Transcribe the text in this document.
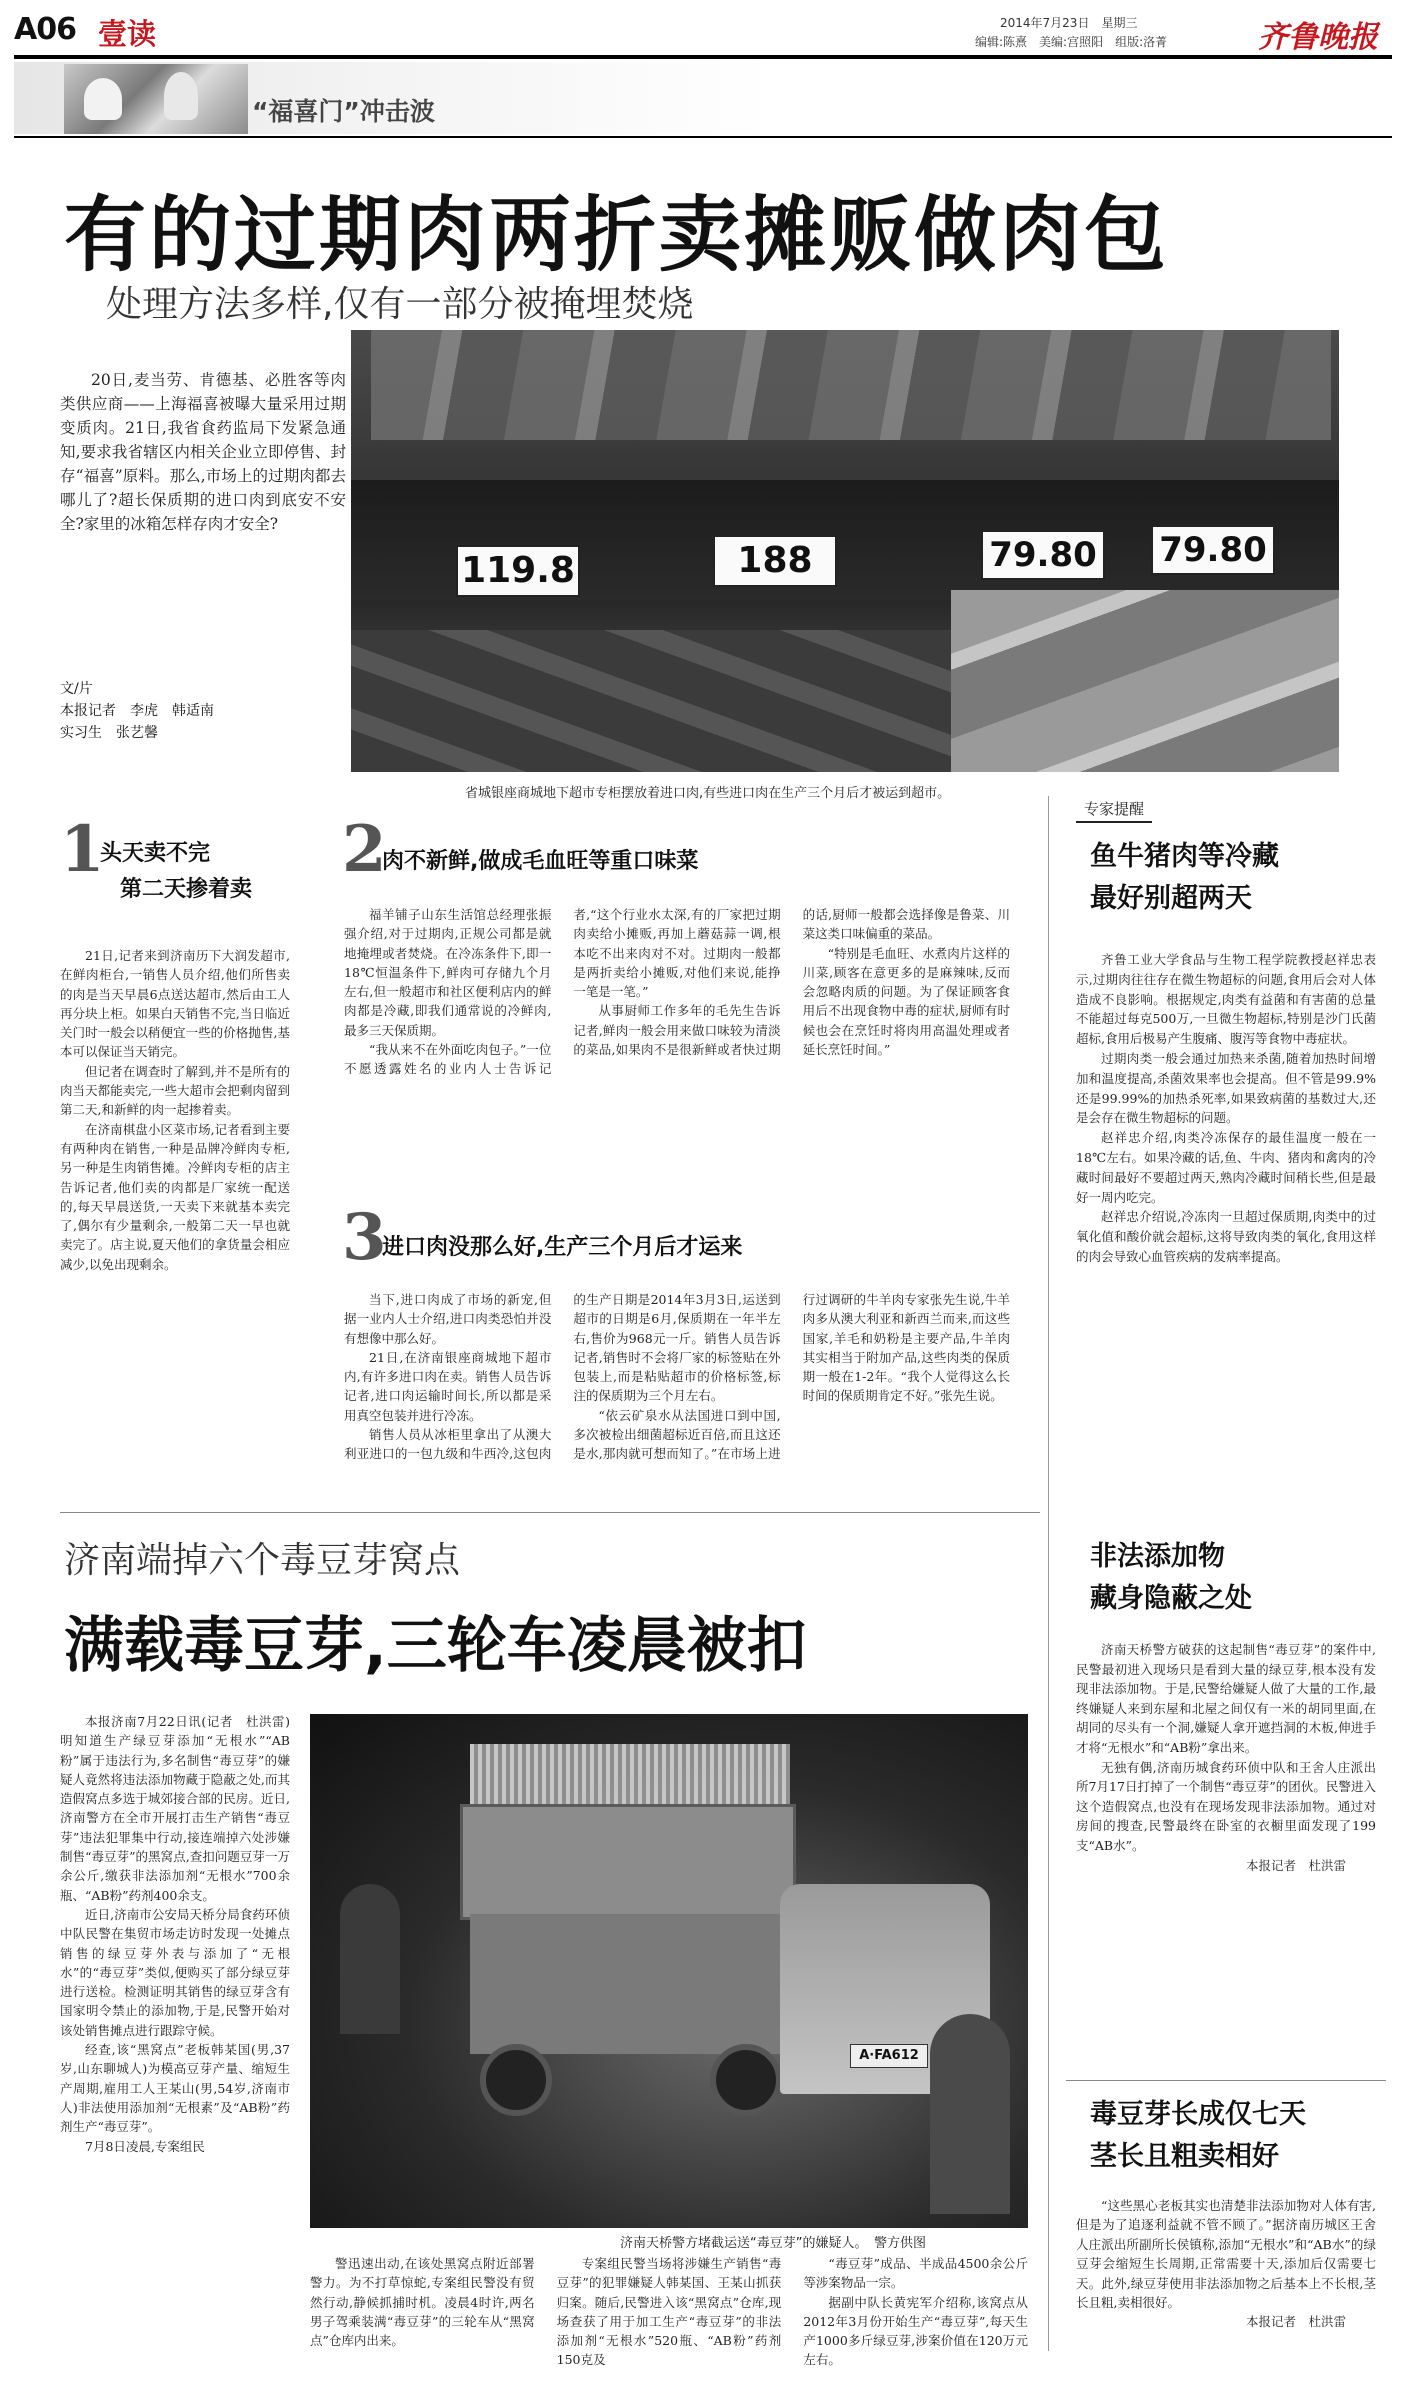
A06 壹读	2014年7月23日　星期三
编辑:陈熹　美编:宫照阳　组版:洛菁	齐鲁晚报
“福喜门”冲击波
有的过期肉两折卖摊贩做肉包
处理方法多样,仅有一部分被掩埋焚烧

20日,麦当劳、肯德基、必胜客等肉类供应商——上海福喜被曝大量采用过期变质肉。21日,我省食药监局下发紧急通知,要求我省辖区内相关企业立即停售、封存“福喜”原料。那么,市场上的过期肉都去哪儿了?超长保质期的进口肉到底安不安全?家里的冰箱怎样存肉才安全?

文/片
本报记者　李虎　韩适南
实习生　张艺馨
119.8	188	79.80 79.80
省城银座商城地下超市专柜摆放着进口肉,有些进口肉在生产三个月后才被运到超市。
1
头天卖不完
第二天掺着卖

21日,记者来到济南历下大润发超市,在鲜肉柜台,一销售人员介绍,他们所售卖的肉是当天早晨6点送达超市,然后由工人再分块上柜。如果白天销售不完,当日临近关门时一般会以稍便宜一些的价格抛售,基本可以保证当天销完。

但记者在调查时了解到,并不是所有的肉当天都能卖完,一些大超市会把剩肉留到第二天,和新鲜的肉一起掺着卖。

在济南棋盘小区菜市场,记者看到主要有两种肉在销售,一种是品牌冷鲜肉专柜,另一种是生肉销售摊。冷鲜肉专柜的店主告诉记者,他们卖的肉都是厂家统一配送的,每天早晨送货,一天卖下来就基本卖完了,偶尔有少量剩余,一般第二天一早也就卖完了。店主说,夏天他们的拿货量会相应减少,以免出现剩余。

2
肉不新鲜,做成毛血旺等重口味菜

福羊铺子山东生活馆总经理张振强介绍,对于过期肉,正规公司都是就地掩埋或者焚烧。在冷冻条件下,即一18℃恒温条件下,鲜肉可存储九个月左右,但一般超市和社区便利店内的鲜肉都是冷藏,即我们通常说的冷鲜肉,最多三天保质期。

“我从来不在外面吃肉包子。”一位不愿透露姓名的业内人士告诉记者,“这个行业水太深,有的厂家把过期肉卖给小摊贩,再加上蘑菇蒜一调,根本吃不出来肉对不对。过期肉一般都是两折卖给小摊贩,对他们来说,能挣一笔是一笔。”

从事厨师工作多年的毛先生告诉记者,鲜肉一般会用来做口味较为清淡的菜品,如果肉不是很新鲜或者快过期的话,厨师一般都会选择像是鲁菜、川菜这类口味偏重的菜品。

“特别是毛血旺、水煮肉片这样的川菜,顾客在意更多的是麻辣味,反而会忽略肉质的问题。为了保证顾客食用后不出现食物中毒的症状,厨师有时候也会在烹饪时将肉用高温处理或者延长烹饪时间。”

3
进口肉没那么好,生产三个月后才运来

当下,进口肉成了市场的新宠,但据一业内人士介绍,进口肉类恐怕并没有想像中那么好。

21日,在济南银座商城地下超市内,有许多进口肉在卖。销售人员告诉记者,进口肉运输时间长,所以都是采用真空包装并进行冷冻。

销售人员从冰柜里拿出了从澳大利亚进口的一包九级和牛西冷,这包肉的生产日期是2014年3月3日,运送到超市的日期是6月,保质期在一年半左右,售价为968元一斤。销售人员告诉记者,销售时不会将厂家的标签贴在外包装上,而是粘贴超市的价格标签,标注的保质期为三个月左右。

“依云矿泉水从法国进口到中国,多次被检出细菌超标近百倍,而且这还是水,那肉就可想而知了。”在市场上进行过调研的牛羊肉专家张先生说,牛羊肉多从澳大利亚和新西兰而来,而这些国家,羊毛和奶粉是主要产品,牛羊肉其实相当于附加产品,这些肉类的保质期一般在1-2年。“我个人觉得这么长时间的保质期肯定不好。”张先生说。

专家提醒
鱼牛猪肉等冷藏
最好别超两天

齐鲁工业大学食品与生物工程学院教授赵祥忠表示,过期肉往往存在微生物超标的问题,食用后会对人体造成不良影响。根据规定,肉类有益菌和有害菌的总量不能超过每克500万,一旦微生物超标,特别是沙门氏菌超标,食用后极易产生腹痛、腹泻等食物中毒症状。

过期肉类一般会通过加热来杀菌,随着加热时间增加和温度提高,杀菌效果率也会提高。但不管是99.9%还是99.99%的加热杀死率,如果致病菌的基数过大,还是会存在微生物超标的问题。

赵祥忠介绍,肉类冷冻保存的最佳温度一般在一18℃左右。如果冷藏的话,鱼、牛肉、猪肉和禽肉的冷藏时间最好不要超过两天,熟肉冷藏时间稍长些,但是最好一周内吃完。

赵祥忠介绍说,冷冻肉一旦超过保质期,肉类中的过氧化值和酸价就会超标,这将导致肉类的氧化,食用这样的肉会导致心血管疾病的发病率提高。

济南端掉六个毒豆芽窝点
满载毒豆芽,三轮车凌晨被扣

本报济南7月22日讯(记者　杜洪雷)　明知道生产绿豆芽添加“无根水”“AB粉”属于违法行为,多名制售“毒豆芽”的嫌疑人竟然将违法添加物藏于隐蔽之处,而其造假窝点多选于城郊接合部的民房。近日,济南警方在全市开展打击生产销售“毒豆芽”违法犯罪集中行动,接连端掉六处涉嫌制售“毒豆芽”的黑窝点,查扣问题豆芽一万余公斤,缴获非法添加剂“无根水”700余瓶、“AB粉”药剂400余支。

近日,济南市公安局天桥分局食药环侦中队民警在集贸市场走访时发现一处摊点销售的绿豆芽外表与添加了“无根水”的“毒豆芽”类似,便购买了部分绿豆芽进行送检。检测证明其销售的绿豆芽含有国家明令禁止的添加物,于是,民警开始对该处销售摊点进行跟踪守候。

经查,该“黑窝点”老板韩某国(男,37岁,山东聊城人)为模高豆芽产量、缩短生产周期,雇用工人王某山(男,54岁,济南市人)非法使用添加剂“无根素”及“AB粉”药剂生产“毒豆芽”。

7月8日凌晨,专案组民

A·FA612
济南天桥警方堵截运送“毒豆芽”的嫌疑人。　警方供图

警迅速出动,在该处黑窝点附近部署警力。为不打草惊蛇,专案组民警没有贸然行动,静候抓捕时机。凌晨4时许,两名男子驾乘装满“毒豆芽”的三轮车从“黑窝点”仓库内出来。

专案组民警当场将涉嫌生产销售“毒豆芽”的犯罪嫌疑人韩某国、王某山抓获归案。随后,民警进入该“黑窝点”仓库,现场查获了用于加工生产“毒豆芽”的非法添加剂“无根水”520瓶、“AB粉”药剂150克及

“毒豆芽”成品、半成品4500余公斤等涉案物品一宗。

据副中队长黄宪军介绍称,该窝点从2012年3月份开始生产“毒豆芽”,每天生产1000多斤绿豆芽,涉案价值在120万元左右。

非法添加物
藏身隐蔽之处

济南天桥警方破获的这起制售“毒豆芽”的案件中,民警最初进入现场只是看到大量的绿豆芽,根本没有发现非法添加物。于是,民警给嫌疑人做了大量的工作,最终嫌疑人来到东屋和北屋之间仅有一米的胡同里面,在胡同的尽头有一个洞,嫌疑人拿开遮挡洞的木板,伸进手才将“无根水”和“AB粉”拿出来。

无独有偶,济南历城食药环侦中队和王舍人庄派出所7月17日打掉了一个制售“毒豆芽”的团伙。民警进入这个造假窝点,也没有在现场发现非法添加物。通过对房间的搜查,民警最终在卧室的衣橱里面发现了199支“AB水”。

本报记者　杜洪雷
毒豆芽长成仅七天
茎长且粗卖相好

“这些黑心老板其实也清楚非法添加物对人体有害,但是为了追逐利益就不管不顾了。”据济南历城区王舍人庄派出所副所长侯镇称,添加“无根水”和“AB水”的绿豆芽会缩短生长周期,正常需要十天,添加后仅需要七天。此外,绿豆芽使用非法添加物之后基本上不长根,茎长且粗,卖相很好。

本报记者　杜洪雷
